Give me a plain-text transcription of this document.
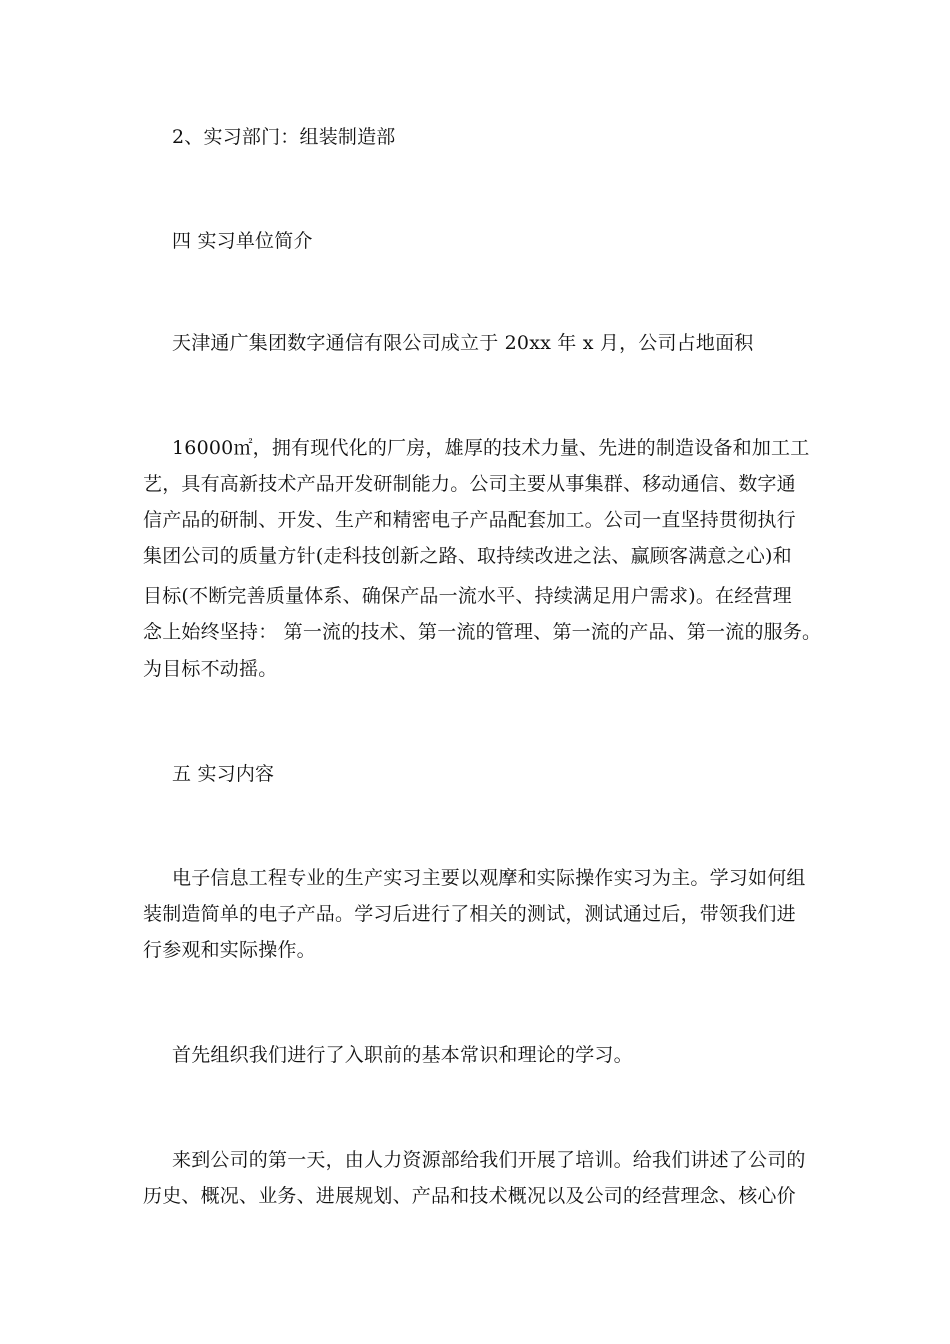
2、实习部门：组装制造部
四 实习单位简介
天津通广集团数字通信有限公司成立于 20xx 年 x 月，公司占地面积
16000㎡，拥有现代化的厂房，雄厚的技术力量、先进的制造设备和加工工
艺，具有高新技术产品开发研制能力。公司主要从事集群、移动通信、数字通
信产品的研制、开发、生产和精密电子产品配套加工。公司一直坚持贯彻执行
集团公司的质量方针(走科技创新之路、取持续改进之法、赢顾客满意之心)和
目标(不断完善质量体系、确保产品一流水平、持续满足用户需求)。在经营理
念上始终坚持： 第一流的技术、第一流的管理、第一流的产品、第一流的服务。
为目标不动摇。
五 实习内容
电子信息工程专业的生产实习主要以观摩和实际操作实习为主。学习如何组
装制造简单的电子产品。学习后进行了相关的测试，测试通过后，带领我们进
行参观和实际操作。
首先组织我们进行了入职前的基本常识和理论的学习。
来到公司的第一天，由人力资源部给我们开展了培训。给我们讲述了公司的
历史、概况、业务、进展规划、产品和技术概况以及公司的经营理念、核心价
